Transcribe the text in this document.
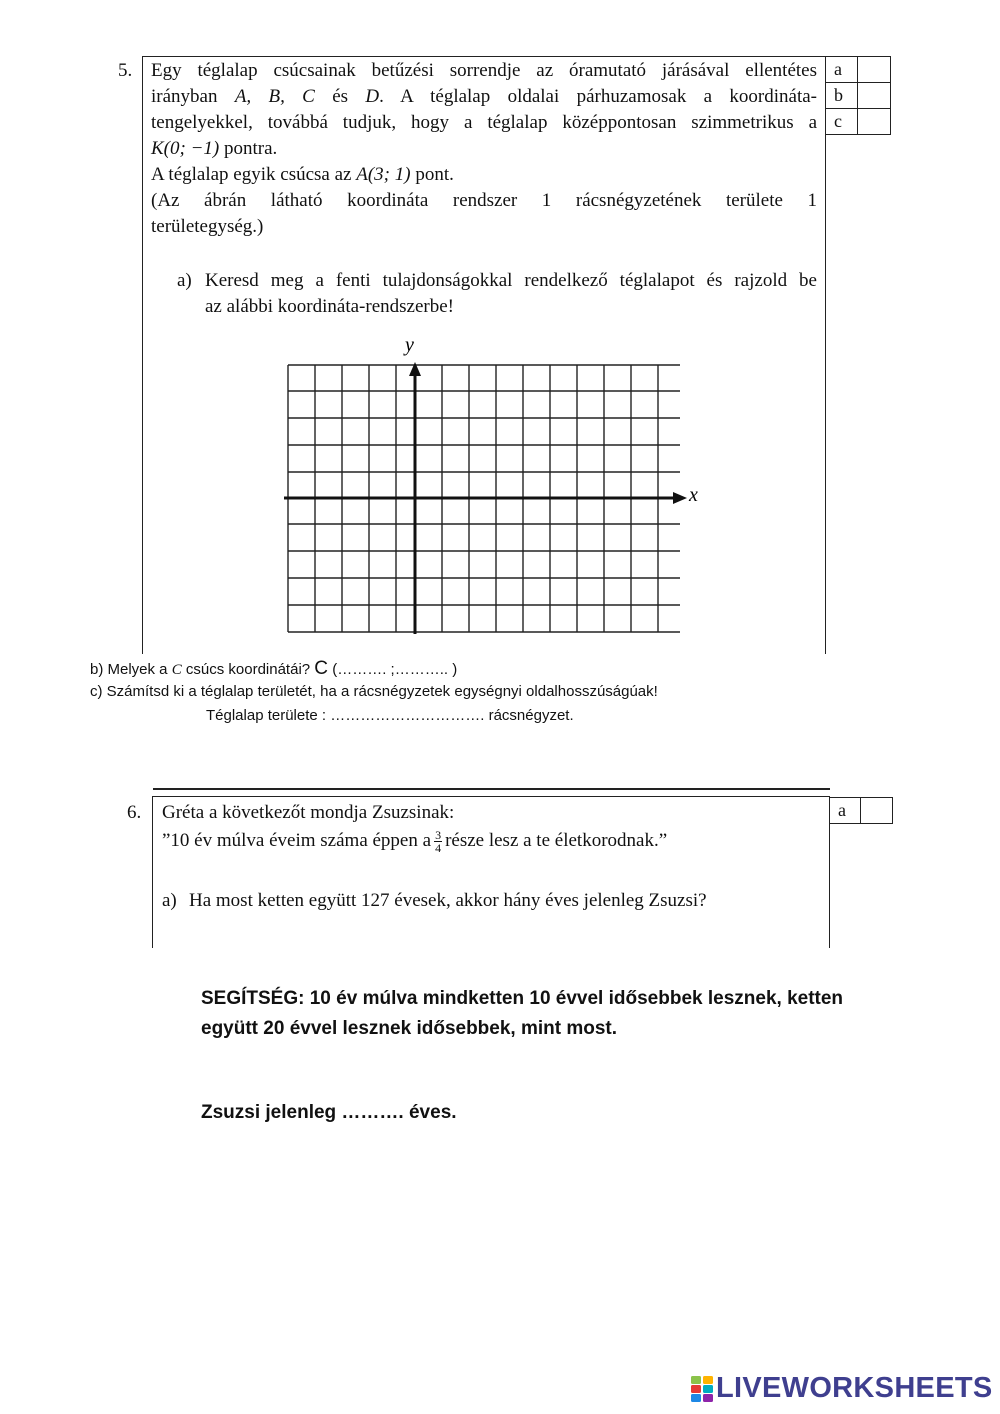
5.	a
b
c
Egy téglalap csúcsainak betűzési sorrendje az óramutató járásával ellentétes
irányban A, B, C és D. A téglalap oldalai párhuzamosak a koordináta-
tengelyekkel, továbbá tudjuk, hogy a téglalap középpontosan szimmetrikus a
K(0; −1) pontra.
A téglalap egyik csúcsa az A(3; 1) pont.
(Az ábrán látható koordináta rendszer 1 rácsnégyzetének területe 1
területegység.)
a) Keresd meg a fenti tulajdonságokkal rendelkező téglalapot és rajzold be
az alábbi koordináta-rendszerbe!
y
x
b) Melyek a C csúcs koordinátái? C (………. ;……….. )
c) Számítsd ki a téglalap területét, ha a rácsnégyzetek egységnyi oldalhosszúságúak!
Téglalap területe : …………………………. rácsnégyzet.
6.	a
Gréta a következőt mondja Zsuzsinak:
”10 év múlva éveim száma éppen a $\frac{3}{4}$ része lesz a te életkorodnak.”
a) Ha most ketten együtt 127 évesek, akkor hány éves jelenleg Zsuzsi?
SEGÍTSÉG: 10 év múlva mindketten 10 évvel idősebbek lesznek, ketten
együtt 20 évvel lesznek idősebbek, mint most.
Zsuzsi jelenleg ………. éves.
LIVEWORKSHEETS
